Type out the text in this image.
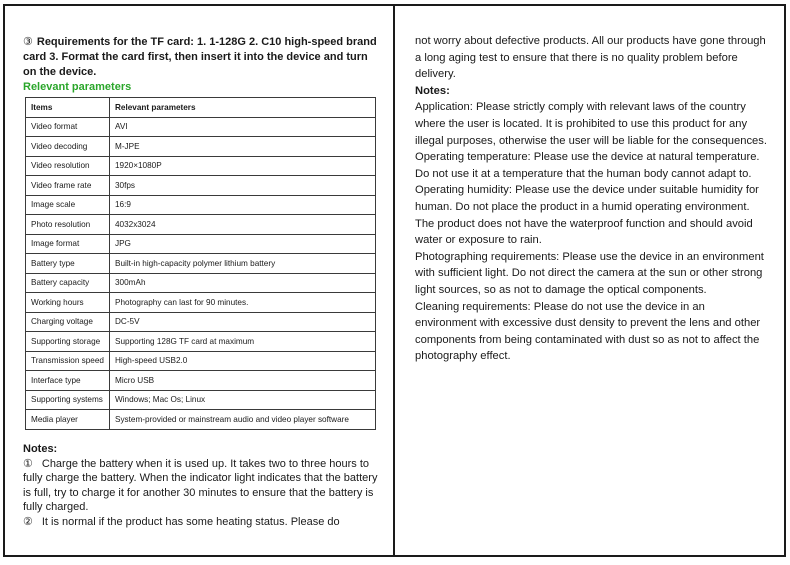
③ Requirements for the TF card: 1. 1-128G 2. C10 high-speed brand card 3. Format the card first, then insert it into the device and turn on the device.

Relevant parameters
Items	Relevant parameters
Video format	AVI
Video decoding	M-JPE
Video resolution	1920×1080P
Video frame rate	30fps
Image scale	16:9
Photo resolution	4032x3024
Image format	JPG
Battery type	Built-in high-capacity polymer lithium battery
Battery capacity	300mAh
Working hours	Photography can last for 90 minutes.
Charging voltage	DC-5V
Supporting storage	Supporting 128G TF card at maximum
Transmission speed	High-speed USB2.0
Interface type	Micro USB
Supporting systems	Windows; Mac Os; Linux
Media player	System-provided or mainstream audio and video player software
Notes:

① Charge the battery when it is used up. It takes two to three hours to fully charge the battery. When the indicator light indicates that the battery is full, try to charge it for another 30 minutes to ensure that the battery is fully charged.

② It is normal if the product has some heating status. Please do

not worry about defective products. All our products have gone through a long aging test to ensure that there is no quality problem before delivery.

Notes:

Application: Please strictly comply with relevant laws of the country where the user is located. It is prohibited to use this product for any illegal purposes, otherwise the user will be liable for the consequences.

Operating temperature: Please use the device at natural temperature. Do not use it at a temperature that the human body cannot adapt to.

Operating humidity: Please use the device under suitable humidity for human. Do not place the product in a humid operating environment. The product does not have the waterproof function and should avoid water or exposure to rain.

Photographing requirements: Please use the device in an environment with sufficient light. Do not direct the camera at the sun or other strong light sources, so as not to damage the optical components.

Cleaning requirements: Please do not use the device in an environment with excessive dust density to prevent the lens and other components from being contaminated with dust so as not to affect the photography effect.
